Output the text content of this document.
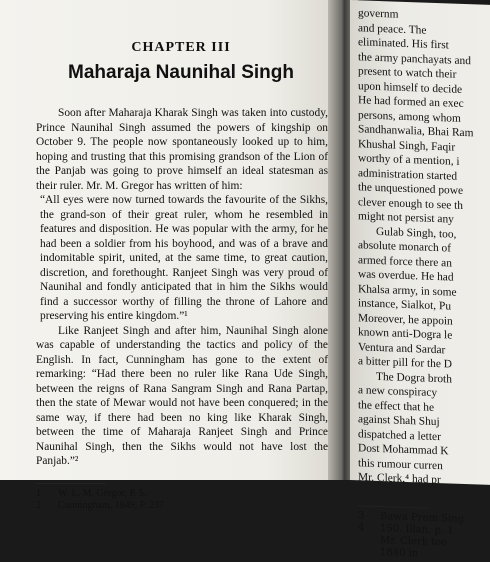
CHAPTER III
Maharaja Naunihal Singh

Soon after Maharaja Kharak Singh was taken into custody, Prince Naunihal Singh assumed the powers of kingship on October 9. The people now spontaneously looked up to him, hoping and trusting that this promising grandson of the Lion of the Panjab was going to prove himself an ideal statesman as their ruler. Mr. M. Gregor has written of him:

“All eyes were now turned towards the favourite of the Sikhs, the grand-son of their great ruler, whom he resembled in features and disposition. He was popular with the army, for he had been a soldier from his boyhood, and was of a brave and indomitable spirit, united, at the same time, to great caution, discretion, and forethought. Ranjeet Singh was very proud of Naunihal and fondly anticipated that in him the Sikhs would find a successor worthy of filling the throne of Lahore and preserving his entire kingdom.”¹

Like Ranjeet Singh and after him, Naunihal Singh alone was capable of understanding the tactics and policy of the English. In fact, Cunningham has gone to the extent of remarking: “Had there been no ruler like Rana Ude Singh, between the reigns of Rana Sangram Singh and Rana Partap, then the state of Mewar would not have been conquered; in the same way, if there had been no king like Kharak Singh, between the time of Maharaja Ranjeet Singh and Prince Naunihal Singh, then the Sikhs would not have lost the Panjab.”²

1 W. L. M. Gregor, P. 5.
2 Cunningham, 1849, P. 237
governm
and peace. The
eliminated. His first
the army panchayats and
present to watch their
upon himself to decide
He had formed an exec
persons, among whom
Sandhanwalia, Bhai Ram
Khushal Singh, Faqir
worthy of a mention, i
administration started
the unquestioned powe
clever enough to see th
might not persist any
Gulab Singh, too,
absolute monarch of
armed force there an
was overdue. He had
Khalsa army, in some
instance, Sialkot, Pu
Moreover, he appoin
known anti-Dogra le
Ventura and Sardar
a bitter pill for the D
The Dogra broth
a new conspiracy
the effect that he
against Shah Shuj
dispatched a letter
Dost Mohammad K
this rumour curren
Mr. Clerk,⁴ had pr
3 Bawa Prem Sing
4 150. Illan, p. 1
Mr. Clerk too
1840 in
